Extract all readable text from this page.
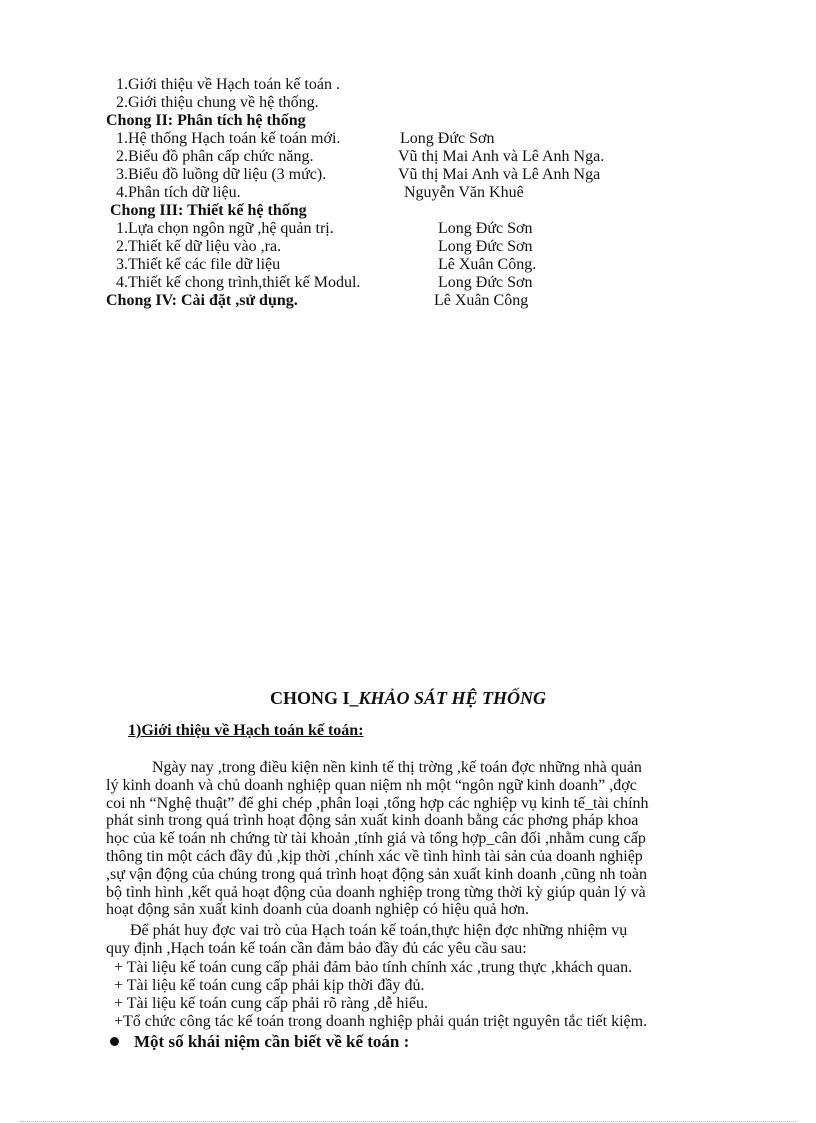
1.Giới thiệu về Hạch toán kế toán .
2.Giới thiệu chung về hệ thống.
Chong II: Phân tích hệ thống
1.Hệ thống Hạch toán kế toán mới.	Long Đức Sơn
2.Biểu đồ phân cấp chức năng.	Vũ thị Mai Anh và Lê Anh Nga.
3.Biểu đồ luồng dữ liệu (3 mức).	Vũ thị Mai Anh và Lê Anh Nga
4.Phân tích dữ liệu.	Nguyễn Văn Khuê
Chong III: Thiết kế hệ thống
1.Lựa chọn ngôn ngữ ,hệ quản trị.	Long Đức Sơn
2.Thiết kế dữ liệu vào ,ra.	Long Đức Sơn
3.Thiết kế các file dữ liệu	Lê Xuân Công.
4.Thiết kế chong trình,thiết kế Modul.	Long Đức Sơn
Chong IV: Cài đặt ,sử dụng.	Lê Xuân Công
CHONG I_KHẢO SÁT HỆ THỐNG
1)Giới thiệu về Hạch toán kế toán:
Ngày nay ,trong điều kiện nền kinh tế thị trờng ,kế toán đợc những nhà quản
lý kinh doanh và chủ doanh nghiệp quan niệm nh một “ngôn ngữ kinh doanh” ,đợc
coi nh “Nghệ thuật” để ghi chép ,phân loại ,tổng hợp các nghiệp vụ kinh tế_tài chính
phát sinh trong quá trình hoạt động sản xuất kinh doanh bằng các phơng pháp khoa
học của kế toán nh chứng từ tài khoản ,tính giá và tổng hợp_cân đối ,nhằm cung cấp
thông tin một cách đầy đủ ,kịp thời ,chính xác về tình hình tài sản của doanh nghiệp
,sự vận động của chúng trong quá trình hoạt động sản xuất kinh doanh ,cũng nh toàn
bộ tình hình ,kết quả hoạt động của doanh nghiệp trong từng thời kỳ giúp quản lý và
hoạt động sản xuất kinh doanh của doanh nghiệp có hiệu quả hơn.
Để phát huy đợc vai trò của Hạch toán kế toán,thực hiện đợc những nhiệm vụ
quy định ,Hạch toán kế toán cần đảm bảo đầy đủ các yêu cầu sau:
+ Tài liệu kế toán cung cấp phải đảm bảo tính chính xác ,trung thực ,khách quan.
+ Tài liệu kế toán cung cấp phải kịp thời đầy đủ.
+ Tài liệu kế toán cung cấp phải rõ ràng ,dễ hiểu.
+Tổ chức công tác kế toán trong doanh nghiệp phải quán triệt nguyên tắc tiết kiệm.
Một số khái niệm cần biết về kế toán :
